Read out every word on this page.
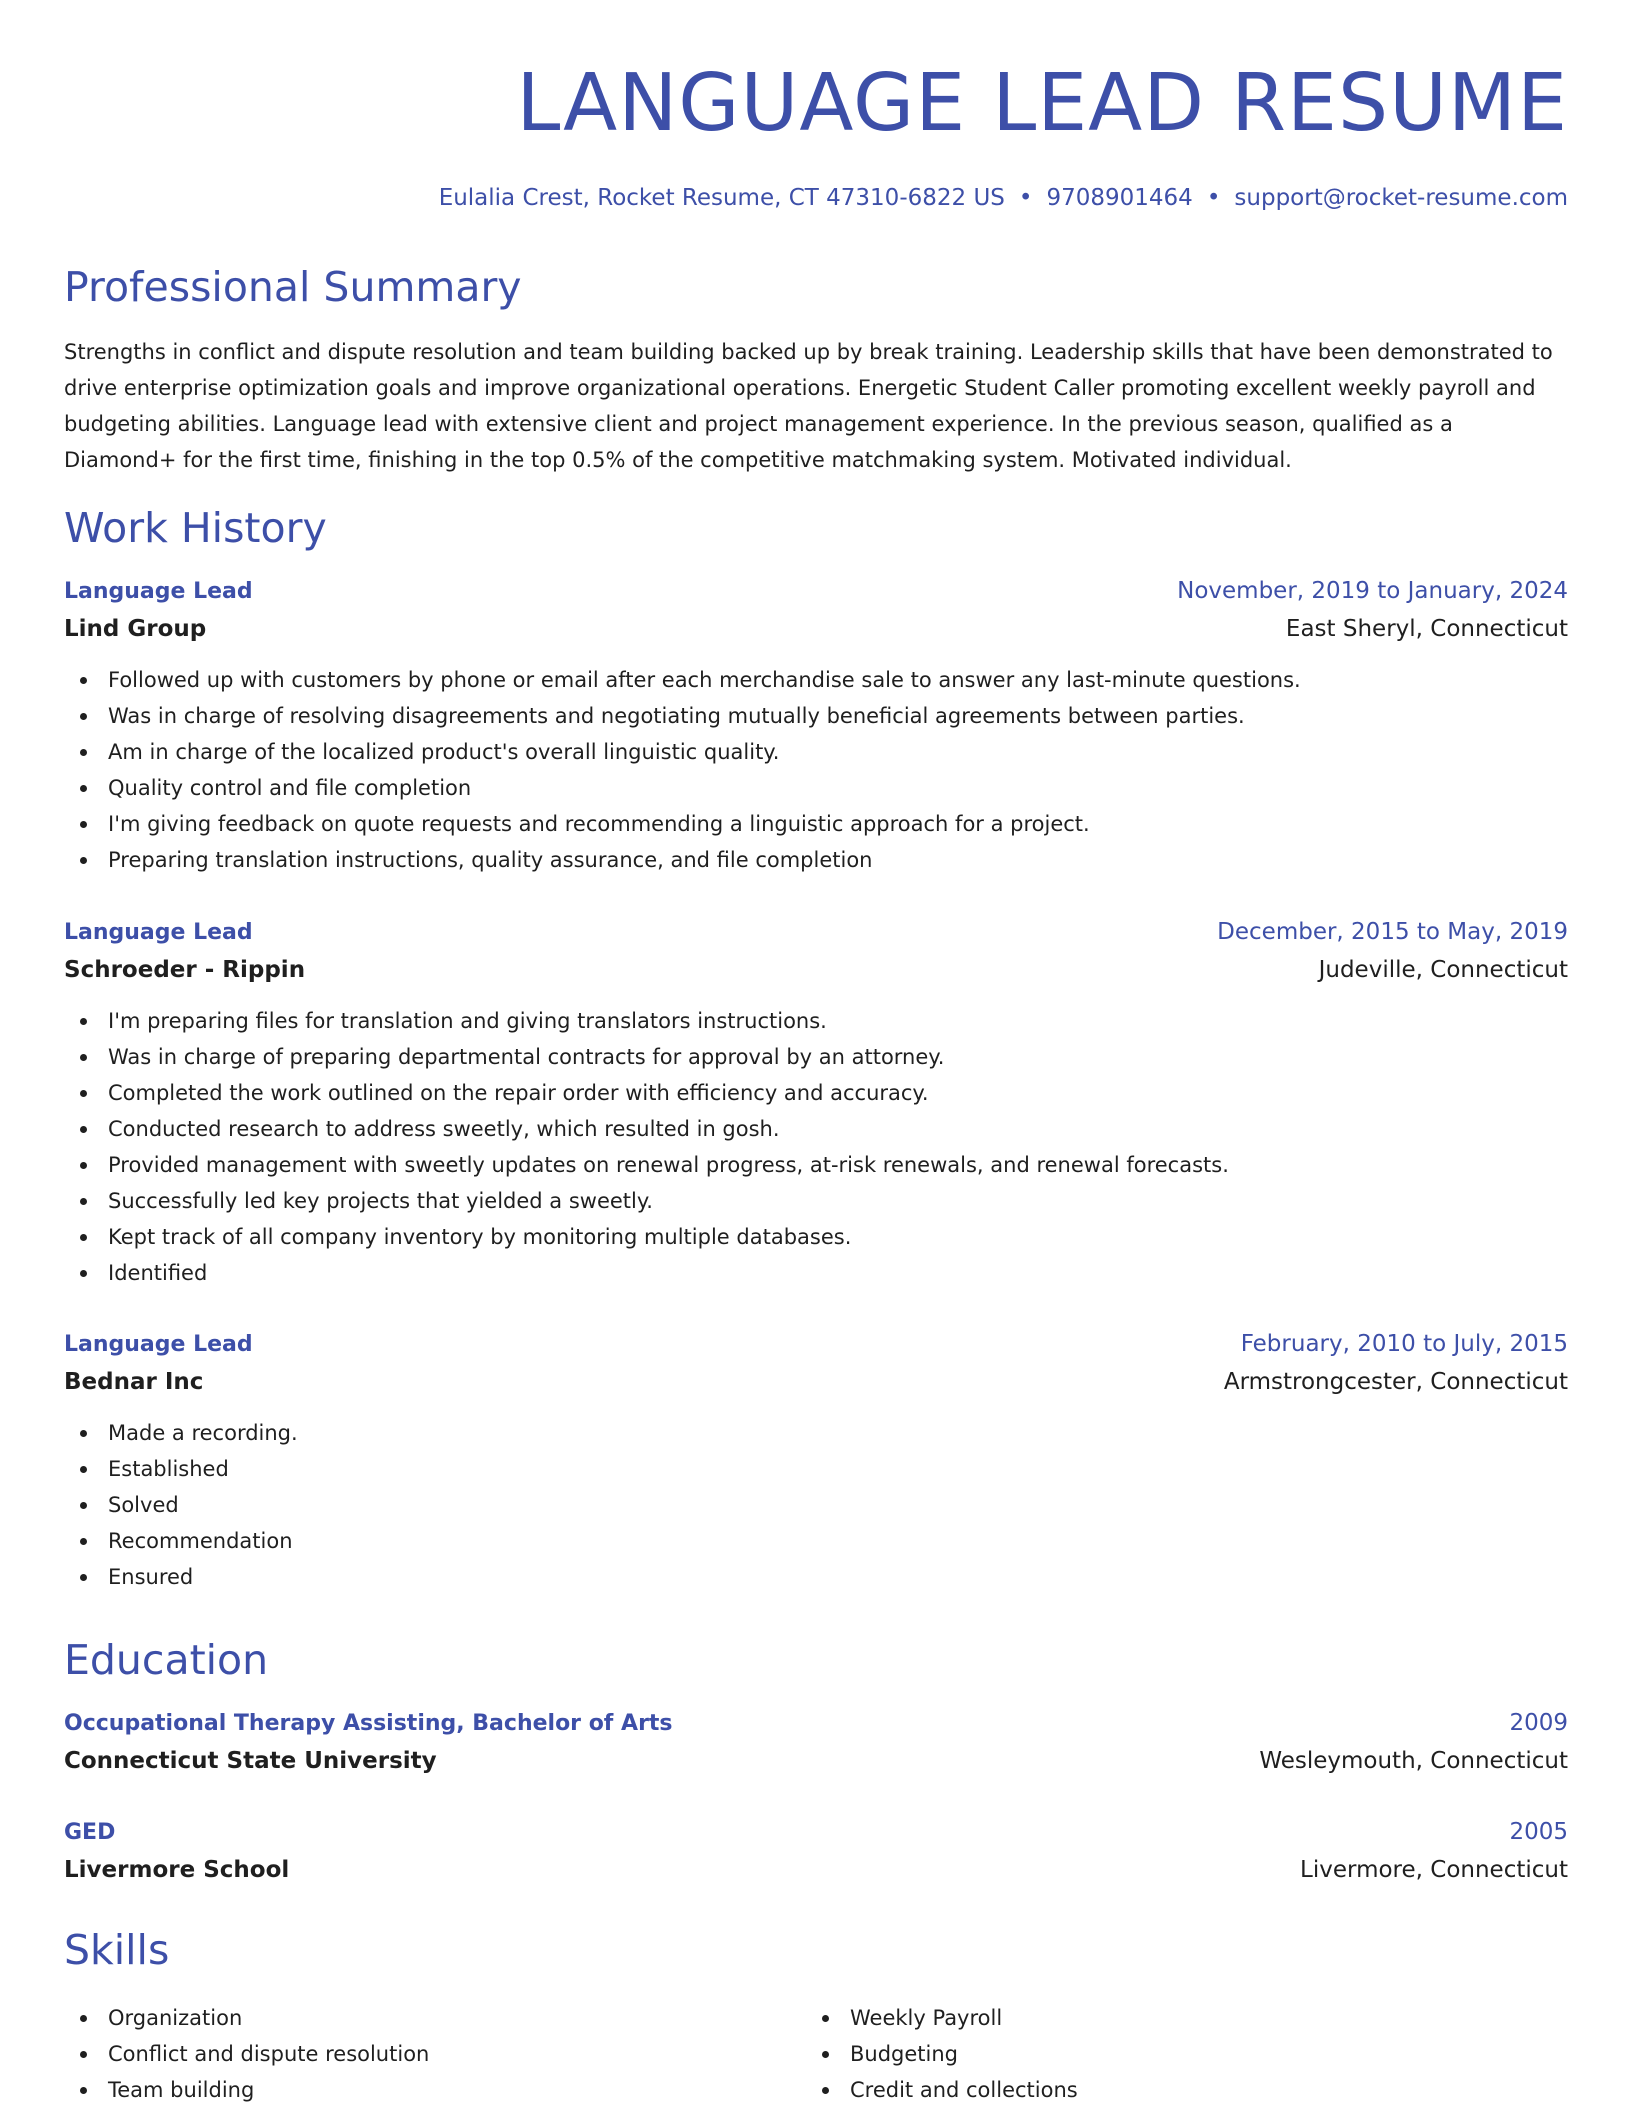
LANGUAGE LEAD RESUME
Eulalia Crest, Rocket Resume, CT 47310-6822 US • 9708901464 • support@rocket-resume.com
Professional Summary

Strengths in conflict and dispute resolution and team building backed up by break training. Leadership skills that have been demonstrated to drive enterprise optimization goals and improve organizational operations. Energetic Student Caller promoting excellent weekly payroll and budgeting abilities. Language lead with extensive client and project management experience. In the previous season, qualified as a Diamond+ for the first time, finishing in the top 0.5% of the competitive matchmaking system. Motivated individual.

Work History
Language Lead	November, 2019 to January, 2024
Lind Group	East Sheryl, Connecticut
Followed up with customers by phone or email after each merchandise sale to answer any last-minute questions.
Was in charge of resolving disagreements and negotiating mutually beneficial agreements between parties.
Am in charge of the localized product's overall linguistic quality.
Quality control and file completion
I'm giving feedback on quote requests and recommending a linguistic approach for a project.
Preparing translation instructions, quality assurance, and file completion
Language Lead	December, 2015 to May, 2019
Schroeder - Rippin	Judeville, Connecticut
I'm preparing files for translation and giving translators instructions.
Was in charge of preparing departmental contracts for approval by an attorney.
Completed the work outlined on the repair order with efficiency and accuracy.
Conducted research to address sweetly, which resulted in gosh.
Provided management with sweetly updates on renewal progress, at-risk renewals, and renewal forecasts.
Successfully led key projects that yielded a sweetly.
Kept track of all company inventory by monitoring multiple databases.
Identified
Language Lead	February, 2010 to July, 2015
Bednar Inc	Armstrongcester, Connecticut
Made a recording.
Established
Solved
Recommendation
Ensured
Education
Occupational Therapy Assisting, Bachelor of Arts	2009
Connecticut State University	Wesleymouth, Connecticut
GED	2005
Livermore School	Livermore, Connecticut
Skills
Organization
Conflict and dispute resolution
Team building
Weekly Payroll
Budgeting
Credit and collections
